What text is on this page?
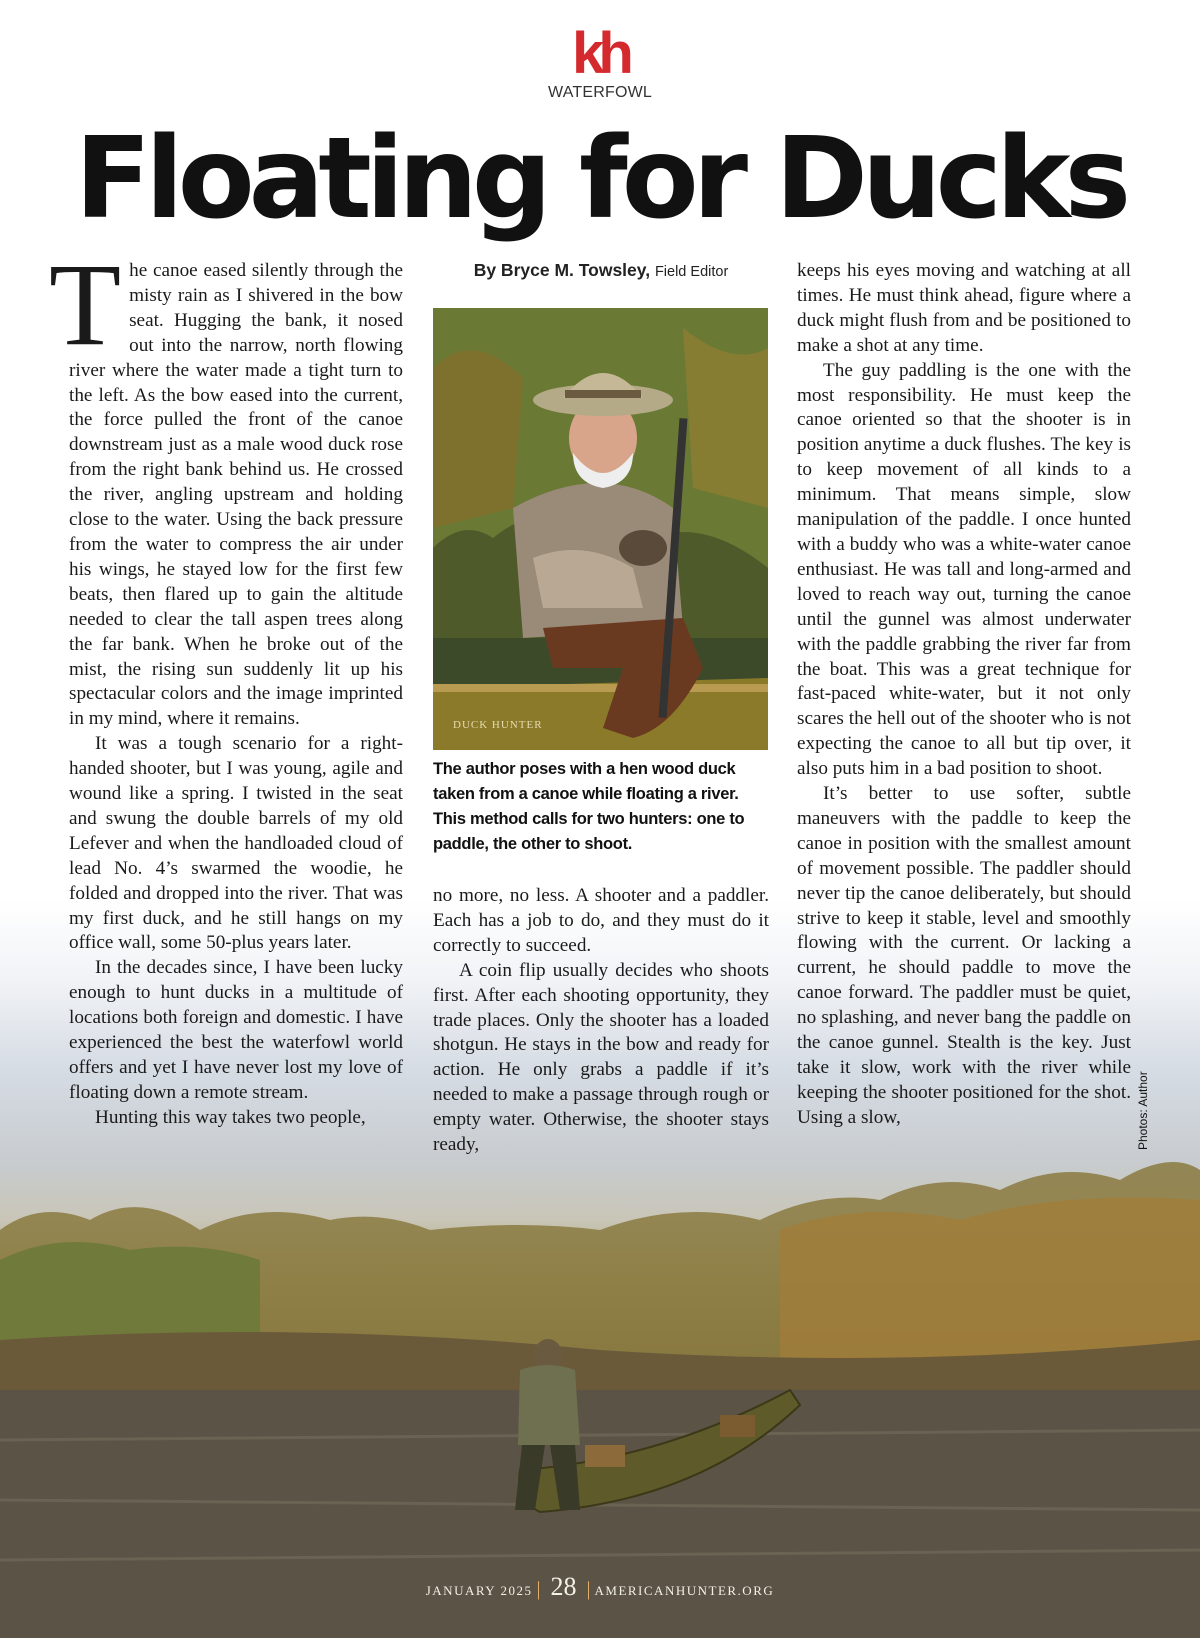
kh
WATERFOWL
Floating for Ducks

The canoe eased silently through the misty rain as I shivered in the bow seat. Hugging the bank, it nosed out into the narrow, north flowing river where the water made a tight turn to the left. As the bow eased into the current, the force pulled the front of the canoe downstream just as a male wood duck rose from the right bank behind us. He crossed the river, angling upstream and holding close to the water. Using the back pressure from the water to compress the air under his wings, he stayed low for the first few beats, then flared up to gain the altitude needed to clear the tall aspen trees along the far bank. When he broke out of the mist, the rising sun suddenly lit up his spectacular colors and the image imprinted in my mind, where it remains.

It was a tough scenario for a right-handed shooter, but I was young, agile and wound like a spring. I twisted in the seat and swung the double barrels of my old Lefever and when the handloaded cloud of lead No. 4’s swarmed the woodie, he folded and dropped into the river. That was my first duck, and he still hangs on my office wall, some 50-plus years later.

In the decades since, I have been lucky enough to hunt ducks in a multitude of locations both foreign and domestic. I have experienced the best the waterfowl world offers and yet I have never lost my love of floating down a remote stream.

Hunting this way takes two people,

By Bryce M. Towsley, Field Editor
DUCK HUNTER
The author poses with a hen wood duck taken from a canoe while floating a river. This method calls for two hunters: one to paddle, the other to shoot.

no more, no less. A shooter and a paddler. Each has a job to do, and they must do it correctly to succeed.

A coin flip usually decides who shoots first. After each shooting opportunity, they trade places. Only the shooter has a loaded shotgun. He stays in the bow and ready for action. He only grabs a paddle if it’s needed to make a passage through rough or empty water. Otherwise, the shooter stays ready,

keeps his eyes moving and watching at all times. He must think ahead, figure where a duck might flush from and be positioned to make a shot at any time.

The guy paddling is the one with the most responsibility. He must keep the canoe oriented so that the shooter is in position anytime a duck flushes. The key is to keep movement of all kinds to a minimum. That means simple, slow manipulation of the paddle. I once hunted with a buddy who was a white-water canoe enthusiast. He was tall and long-armed and loved to reach way out, turning the canoe until the gunnel was almost underwater with the paddle grabbing the river far from the boat. This was a great technique for fast-paced white-water, but it not only scares the hell out of the shooter who is not expecting the canoe to all but tip over, it also puts him in a bad position to shoot.

It’s better to use softer, subtle maneuvers with the paddle to keep the canoe in position with the smallest amount of movement possible. The paddler should never tip the canoe deliberately, but should strive to keep it stable, level and smoothly flowing with the current. Or lacking a current, he should paddle to move the canoe forward. The paddler must be quiet, no splashing, and never bang the paddle on the canoe gunnel. Stealth is the key. Just take it slow, work with the river while keeping the shooter positioned for the shot. Using a slow,	Photos: Author
JANUARY 2025 | 28 | AMERICANHUNTER.ORG
